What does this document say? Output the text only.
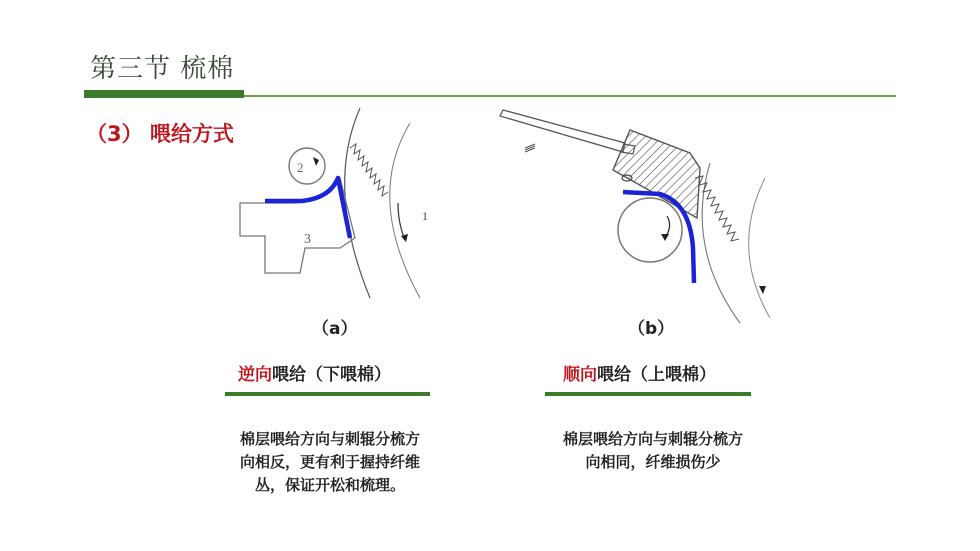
第三节 梳棉
（3） 喂给方式
1
2
3
（a）	（b）
逆向喂给（下喂棉）	顺向喂给（上喂棉）
棉层喂给方向与刺辊分梳方
向相反，更有利于握持纤维
丛，保证开松和梳理。
棉层喂给方向与刺辊分梳方
向相同，纤维损伤少
